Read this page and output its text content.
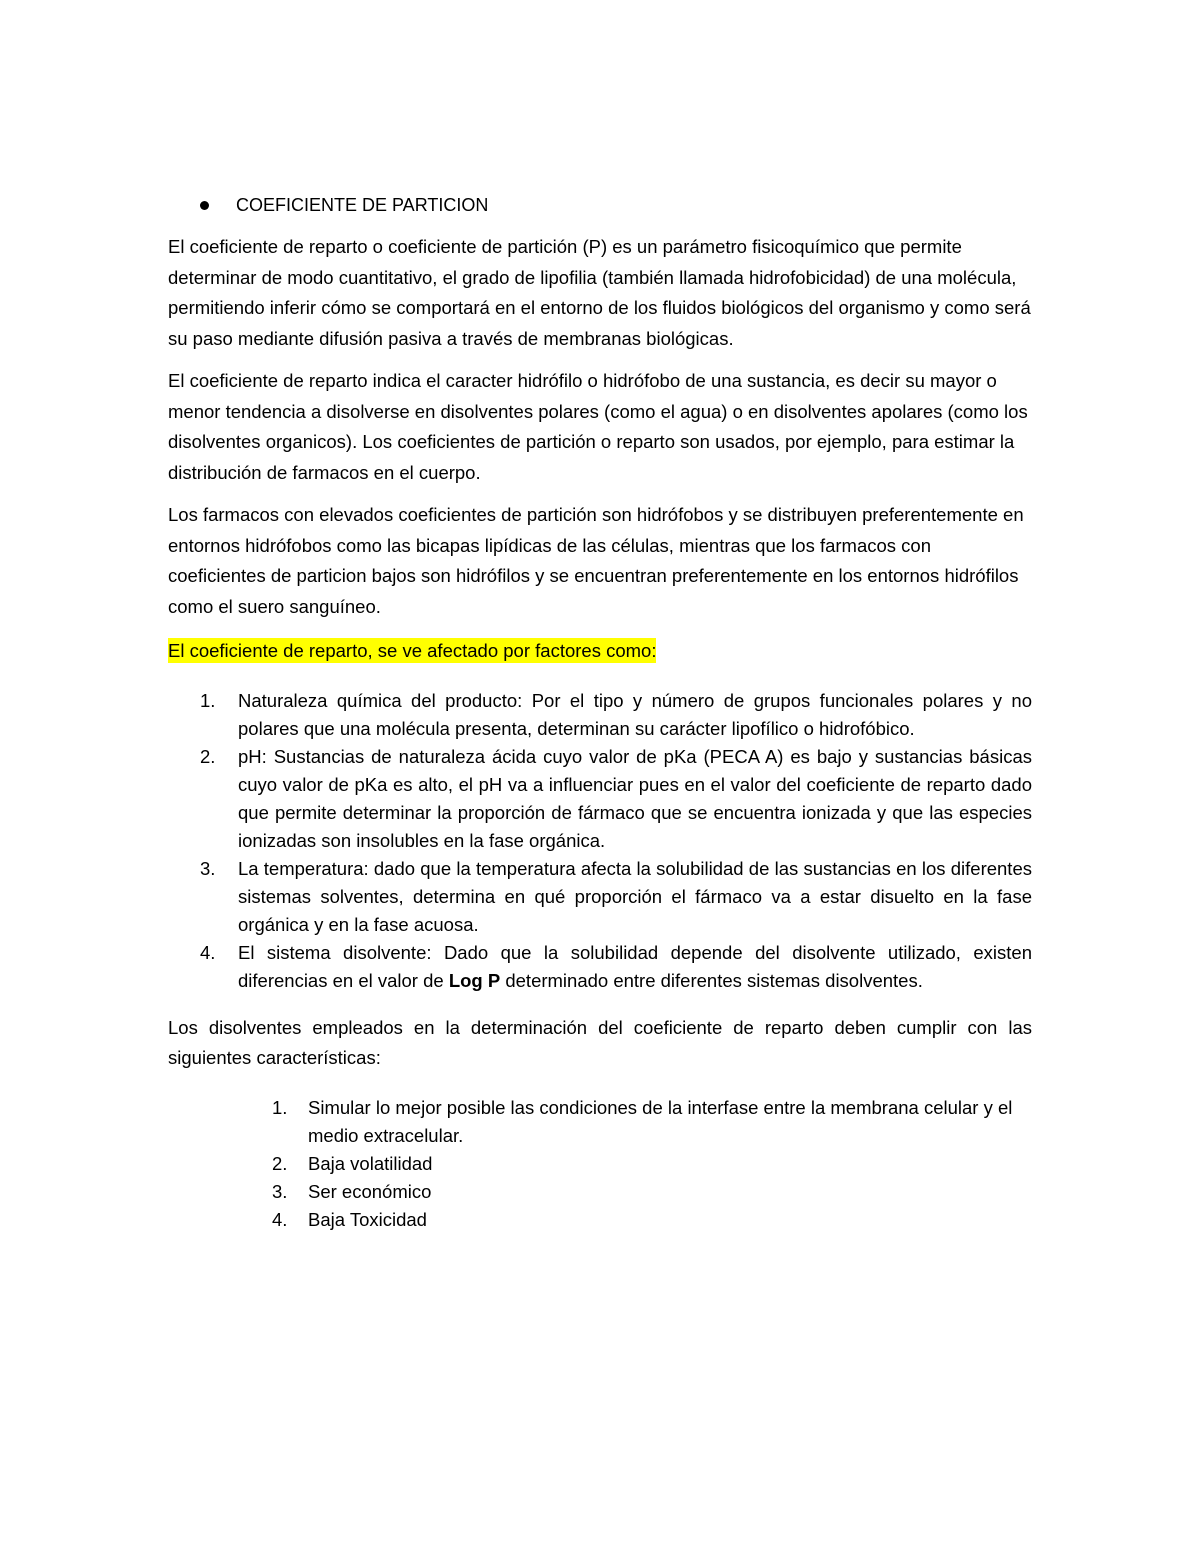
COEFICIENTE DE PARTICION

El coeficiente de reparto o coeficiente de partición (P) es un parámetro fisicoquímico que permite determinar de modo cuantitativo, el grado de lipofilia (también llamada hidrofobicidad) de una molécula, permitiendo inferir cómo se comportará en el entorno de los fluidos biológicos del organismo y como será su paso mediante difusión pasiva a través de membranas biológicas.

El coeficiente de reparto indica el caracter hidrófilo o hidrófobo de una sustancia, es decir su mayor o menor tendencia a disolverse en disolventes polares (como el agua) o en disolventes apolares (como los disolventes organicos). Los coeficientes de partición o reparto son usados, por ejemplo, para estimar la distribución de farmacos en el cuerpo.

Los farmacos con elevados coeficientes de partición son hidrófobos y se distribuyen preferentemente en entornos hidrófobos como las bicapas lipídicas de las células, mientras que los farmacos con coeficientes de particion bajos son hidrófilos y se encuentran preferentemente en los entornos hidrófilos como el suero sanguíneo.

El coeficiente de reparto, se ve afectado por factores como:
1. Naturaleza química del producto: Por el tipo y número de grupos funcionales polares y no polares que una molécula presenta, determinan su carácter lipofílico o hidrofóbico.
2. pH: Sustancias de naturaleza ácida cuyo valor de pKa (PECA A) es bajo y sustancias básicas cuyo valor de pKa es alto, el pH va a influenciar pues en el valor del coeficiente de reparto dado que permite determinar la proporción de fármaco que se encuentra ionizada y que las especies ionizadas son insolubles en la fase orgánica.
3. La temperatura: dado que la temperatura afecta la solubilidad de las sustancias en los diferentes sistemas solventes, determina en qué proporción el fármaco va a estar disuelto en la fase orgánica y en la fase acuosa.
4. El sistema disolvente: Dado que la solubilidad depende del disolvente utilizado, existen diferencias en el valor de Log P determinado entre diferentes sistemas disolventes.

Los disolventes empleados en la determinación del coeficiente de reparto deben cumplir con las siguientes características:

1. Simular lo mejor posible las condiciones de la interfase entre la membrana celular y el medio extracelular.
2. Baja volatilidad
3. Ser económico
4. Baja Toxicidad
